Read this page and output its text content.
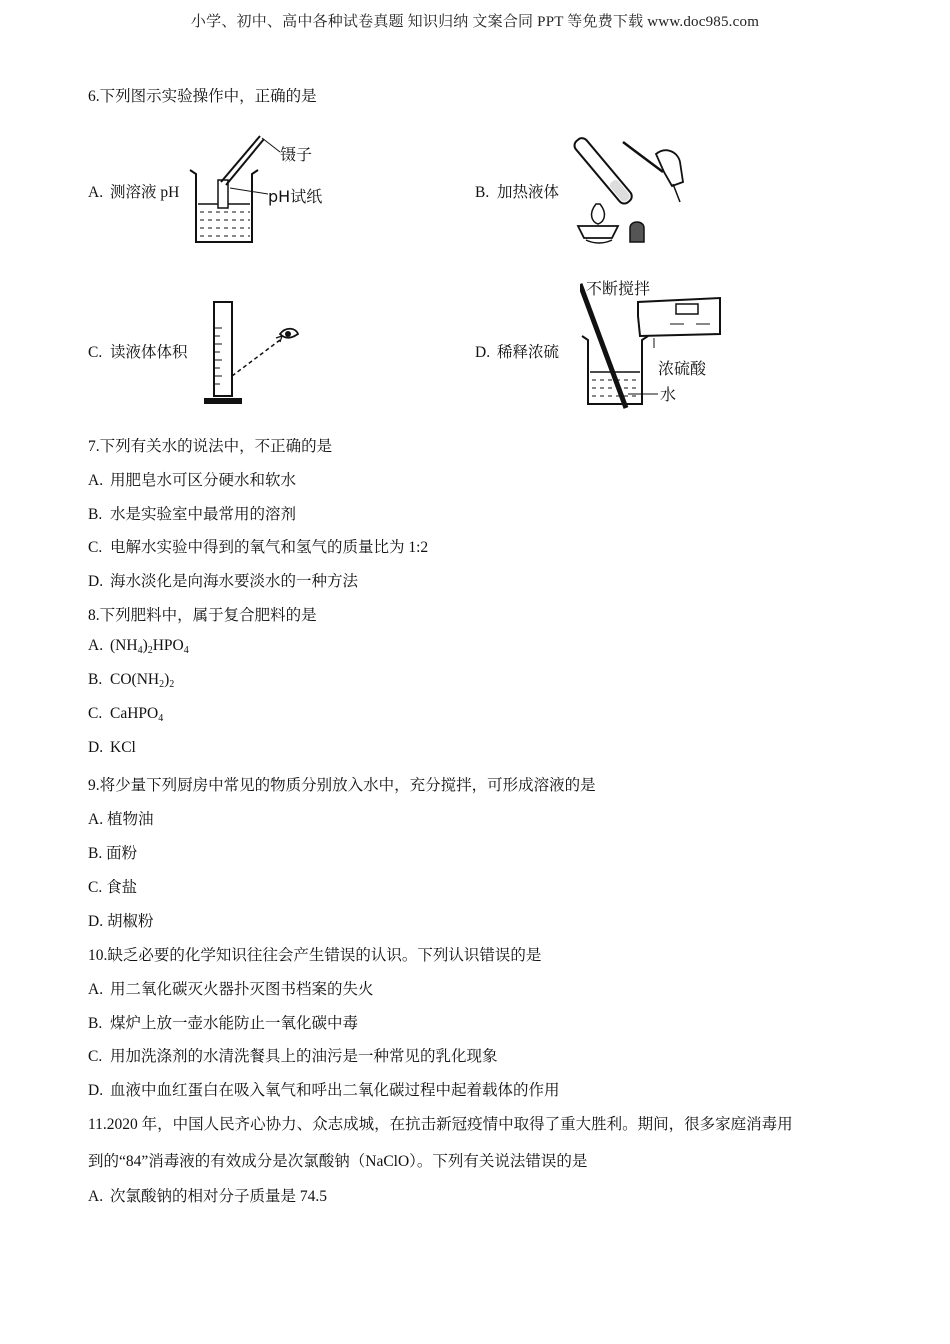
小学、初中、高中各种试卷真题 知识归纳 文案合同 PPT 等免费下载 www.doc985.com
6.下列图示实验操作中，正确的是
A. 测溶液 pH
镊子
pH试纸	B. 加热液体
C. 读液体体积	D. 稀释浓硫
不断搅拌
浓硫酸
水
7.下列有关水的说法中，不正确的是
A. 用肥皂水可区分硬水和软水
B. 水是实验室中最常用的溶剂
C. 电解水实验中得到的氧气和氢气的质量比为 1:2
D. 海水淡化是向海水要淡水的一种方法
8.下列肥料中，属于复合肥料的是
A. $(NH_4)_2HPO_4$
B. $CO(NH_2)_2$
C. CaHPO$_4$
D. KCl
9.将少量下列厨房中常见的物质分别放入水中，充分搅拌，可形成溶液的是
A. 植物油
B. 面粉
C. 食盐
D. 胡椒粉
10.缺乏必要的化学知识往往会产生错误的认识。下列认识错误的是
A. 用二氧化碳灭火器扑灭图书档案的失火
B. 煤炉上放一壶水能防止一氧化碳中毒
C. 用加洗涤剂的水清洗餐具上的油污是一种常见的乳化现象
D. 血液中血红蛋白在吸入氧气和呼出二氧化碳过程中起着载体的作用
11.2020 年，中国人民齐心协力、众志成城，在抗击新冠疫情中取得了重大胜利。期间，很多家庭消毒用
到的“84”消毒液的有效成分是次氯酸钠（NaClO）。下列有关说法错误的是
A. 次氯酸钠的相对分子质量是 74.5
